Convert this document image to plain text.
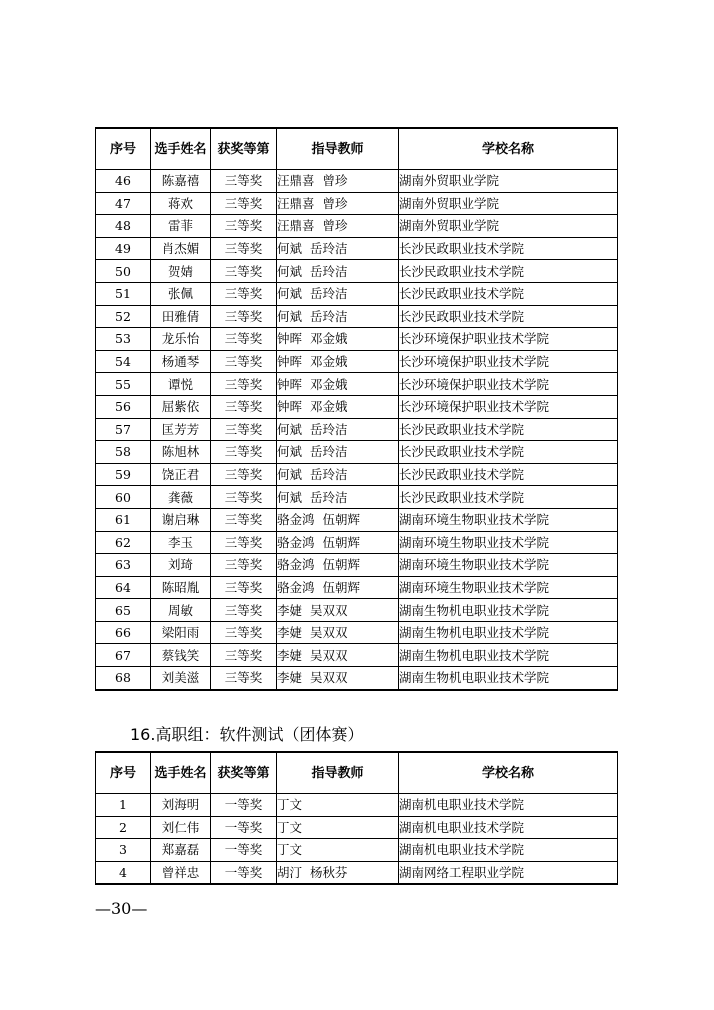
序号	选手姓名	获奖等第	指导教师	学校名称
46	陈嘉禧	三等奖	汪鼎喜 曾珍	湖南外贸职业学院
47	蒋欢	三等奖	汪鼎喜 曾珍	湖南外贸职业学院
48	雷菲	三等奖	汪鼎喜 曾珍	湖南外贸职业学院
49	肖杰媚	三等奖	何斌 岳玲洁	长沙民政职业技术学院
50	贺婧	三等奖	何斌 岳玲洁	长沙民政职业技术学院
51	张佩	三等奖	何斌 岳玲洁	长沙民政职业技术学院
52	田雅倩	三等奖	何斌 岳玲洁	长沙民政职业技术学院
53	龙乐怡	三等奖	钟晖 邓金娥	长沙环境保护职业技术学院
54	杨通琴	三等奖	钟晖 邓金娥	长沙环境保护职业技术学院
55	谭悦	三等奖	钟晖 邓金娥	长沙环境保护职业技术学院
56	屈紫依	三等奖	钟晖 邓金娥	长沙环境保护职业技术学院
57	匡芳芳	三等奖	何斌 岳玲洁	长沙民政职业技术学院
58	陈旭林	三等奖	何斌 岳玲洁	长沙民政职业技术学院
59	饶正君	三等奖	何斌 岳玲洁	长沙民政职业技术学院
60	龚薇	三等奖	何斌 岳玲洁	长沙民政职业技术学院
61	谢启琳	三等奖	骆金鸿 伍朝辉	湖南环境生物职业技术学院
62	李玉	三等奖	骆金鸿 伍朝辉	湖南环境生物职业技术学院
63	刘琦	三等奖	骆金鸿 伍朝辉	湖南环境生物职业技术学院
64	陈昭胤	三等奖	骆金鸿 伍朝辉	湖南环境生物职业技术学院
65	周敏	三等奖	李婕 吴双双	湖南生物机电职业技术学院
66	梁阳雨	三等奖	李婕 吴双双	湖南生物机电职业技术学院
67	蔡钱笑	三等奖	李婕 吴双双	湖南生物机电职业技术学院
68	刘美滋	三等奖	李婕 吴双双	湖南生物机电职业技术学院
16.高职组：软件测试（团体赛）
序号	选手姓名	获奖等第	指导教师	学校名称
1	刘海明	一等奖	丁文	湖南机电职业技术学院
2	刘仁伟	一等奖	丁文	湖南机电职业技术学院
3	郑嘉磊	一等奖	丁文	湖南机电职业技术学院
4	曾祥忠	一等奖	胡汀 杨秋芬	湖南网络工程职业学院
—30—
